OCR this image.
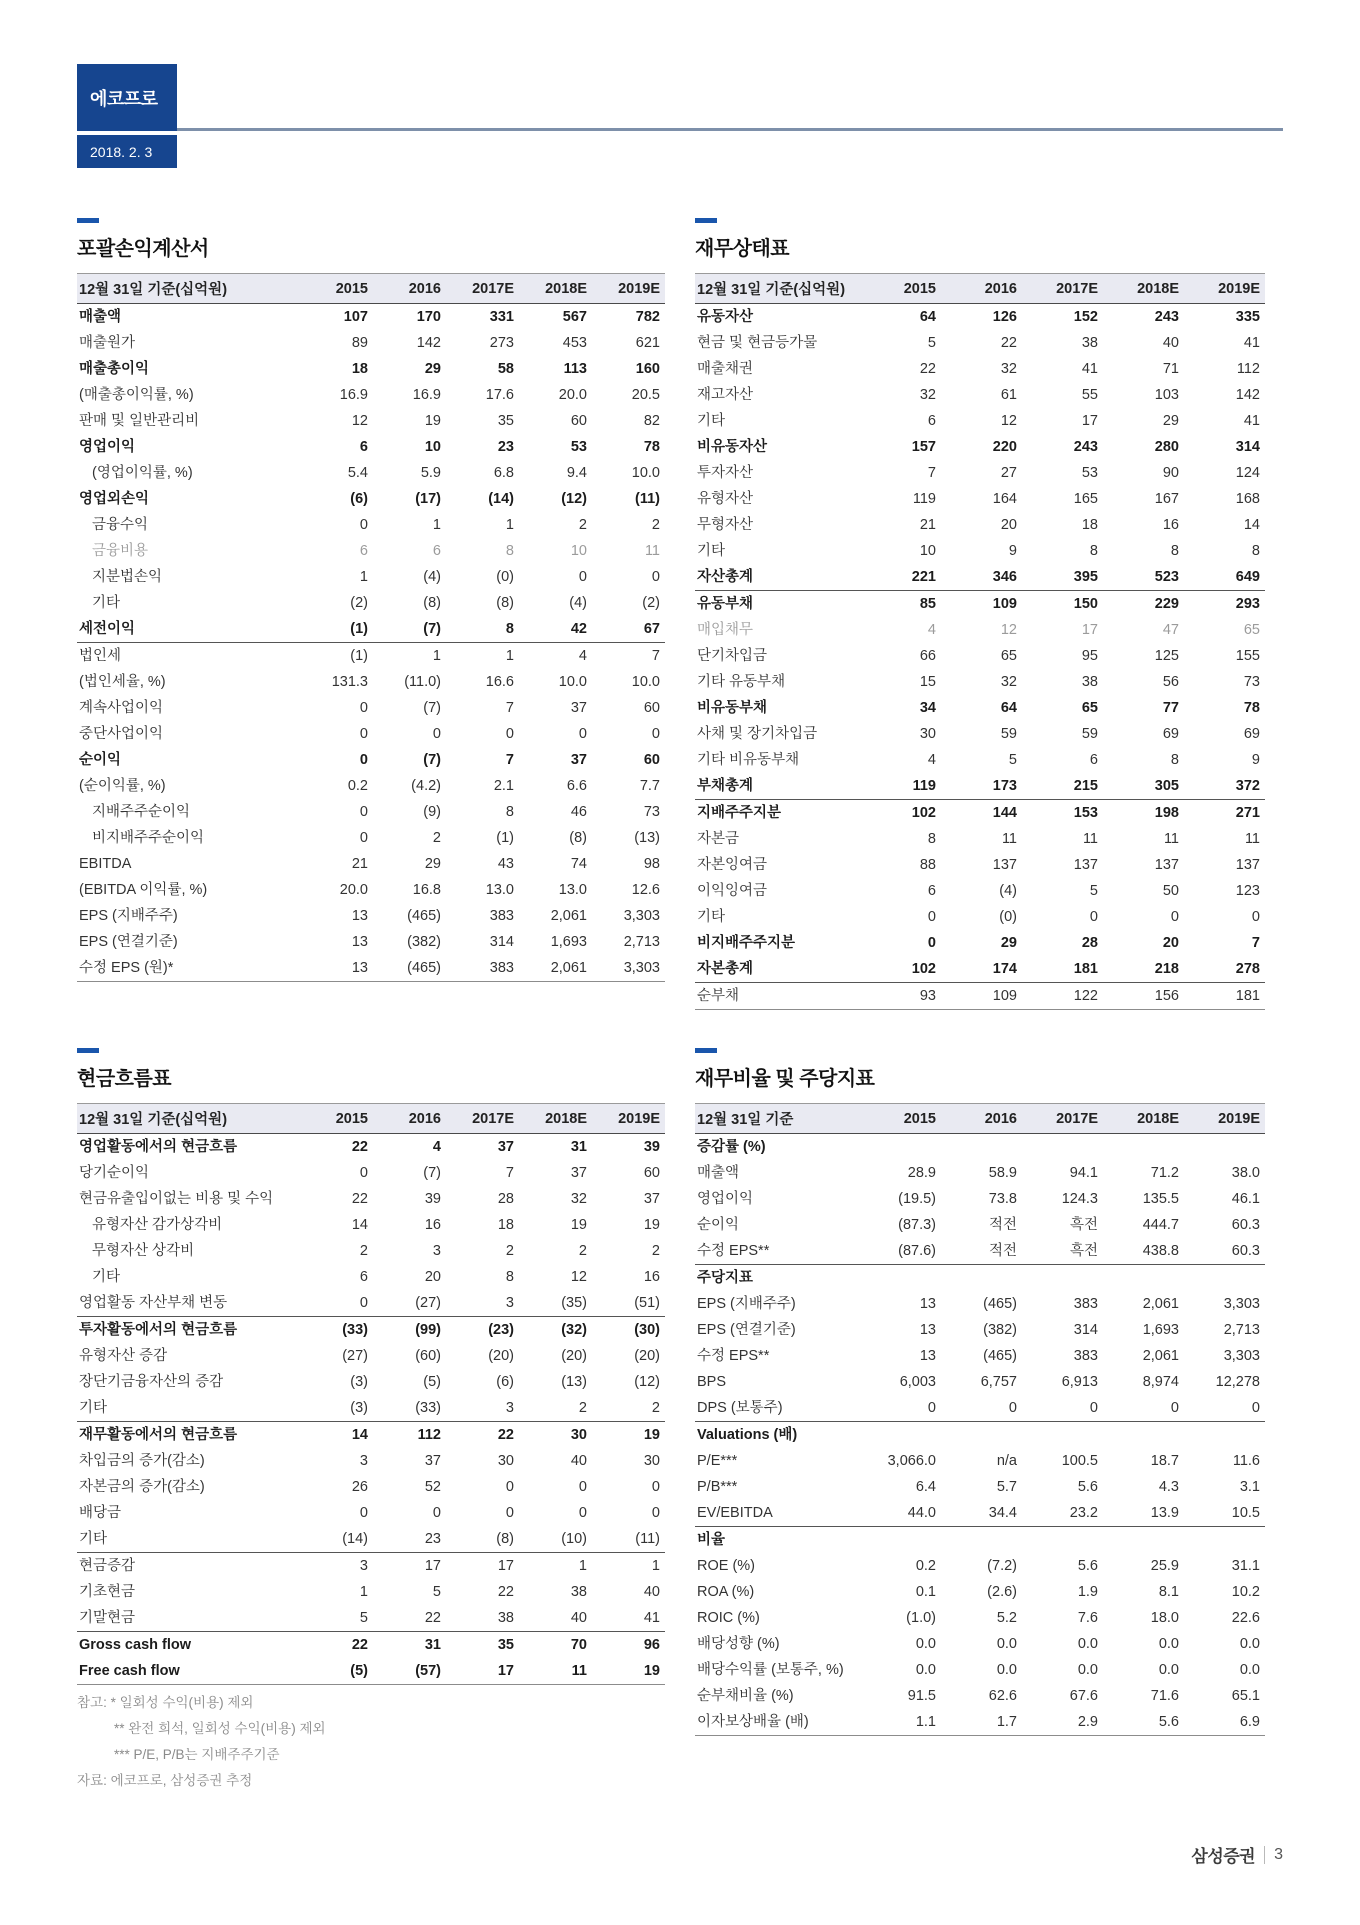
에코프로
2018. 2. 3
포괄손익계산서
12월 31일 기준(십억원)	2015	2016	2017E	2018E	2019E
매출액	107	170	331	567	782
매출원가	89	142	273	453	621
매출총이익	18	29	58	113	160
(매출총이익률, %)	16.9	16.9	17.6	20.0	20.5
판매 및 일반관리비	12	19	35	60	82
영업이익	6	10	23	53	78
(영업이익률, %)	5.4	5.9	6.8	9.4	10.0
영업외손익	(6)	(17)	(14)	(12)	(11)
금융수익	0	1	1	2	2
금융비용	6	6	8	10	11
지분법손익	1	(4)	(0)	0	0
기타	(2)	(8)	(8)	(4)	(2)
세전이익	(1)	(7)	8	42	67
법인세	(1)	1	1	4	7
(법인세율, %)	131.3	(11.0)	16.6	10.0	10.0
계속사업이익	0	(7)	7	37	60
중단사업이익	0	0	0	0	0
순이익	0	(7)	7	37	60
(순이익률, %)	0.2	(4.2)	2.1	6.6	7.7
지배주주순이익	0	(9)	8	46	73
비지배주주순이익	0	2	(1)	(8)	(13)
EBITDA	21	29	43	74	98
(EBITDA 이익률, %)	20.0	16.8	13.0	13.0	12.6
EPS (지배주주)	13	(465)	383	2,061	3,303
EPS (연결기준)	13	(382)	314	1,693	2,713
수정 EPS (원)*	13	(465)	383	2,061	3,303
재무상태표
12월 31일 기준(십억원)	2015	2016	2017E	2018E	2019E
유동자산	64	126	152	243	335
현금 및 현금등가물	5	22	38	40	41
매출채권	22	32	41	71	112
재고자산	32	61	55	103	142
기타	6	12	17	29	41
비유동자산	157	220	243	280	314
투자자산	7	27	53	90	124
유형자산	119	164	165	167	168
무형자산	21	20	18	16	14
기타	10	9	8	8	8
자산총계	221	346	395	523	649
유동부채	85	109	150	229	293
매입채무	4	12	17	47	65
단기차입금	66	65	95	125	155
기타 유동부채	15	32	38	56	73
비유동부채	34	64	65	77	78
사채 및 장기차입금	30	59	59	69	69
기타 비유동부채	4	5	6	8	9
부채총계	119	173	215	305	372
지배주주지분	102	144	153	198	271
자본금	8	11	11	11	11
자본잉여금	88	137	137	137	137
이익잉여금	6	(4)	5	50	123
기타	0	(0)	0	0	0
비지배주주지분	0	29	28	20	7
자본총계	102	174	181	218	278
순부채	93	109	122	156	181
현금흐름표
12월 31일 기준(십억원)	2015	2016	2017E	2018E	2019E
영업활동에서의 현금흐름	22	4	37	31	39
당기순이익	0	(7)	7	37	60
현금유출입이없는 비용 및 수익	22	39	28	32	37
유형자산 감가상각비	14	16	18	19	19
무형자산 상각비	2	3	2	2	2
기타	6	20	8	12	16
영업활동 자산부채 변동	0	(27)	3	(35)	(51)
투자활동에서의 현금흐름	(33)	(99)	(23)	(32)	(30)
유형자산 증감	(27)	(60)	(20)	(20)	(20)
장단기금융자산의 증감	(3)	(5)	(6)	(13)	(12)
기타	(3)	(33)	3	2	2
재무활동에서의 현금흐름	14	112	22	30	19
차입금의 증가(감소)	3	37	30	40	30
자본금의 증가(감소)	26	52	0	0	0
배당금	0	0	0	0	0
기타	(14)	23	(8)	(10)	(11)
현금증감	3	17	17	1	1
기초현금	1	5	22	38	40
기말현금	5	22	38	40	41
Gross cash flow	22	31	35	70	96
Free cash flow	(5)	(57)	17	11	19
재무비율 및 주당지표
12월 31일 기준	2015	2016	2017E	2018E	2019E
증감률 (%)					
매출액	28.9	58.9	94.1	71.2	38.0
영업이익	(19.5)	73.8	124.3	135.5	46.1
순이익	(87.3)	적전	흑전	444.7	60.3
수정 EPS**	(87.6)	적전	흑전	438.8	60.3
주당지표					
EPS (지배주주)	13	(465)	383	2,061	3,303
EPS (연결기준)	13	(382)	314	1,693	2,713
수정 EPS**	13	(465)	383	2,061	3,303
BPS	6,003	6,757	6,913	8,974	12,278
DPS (보통주)	0	0	0	0	0
Valuations (배)					
P/E***	3,066.0	n/a	100.5	18.7	11.6
P/B***	6.4	5.7	5.6	4.3	3.1
EV/EBITDA	44.0	34.4	23.2	13.9	10.5
비율					
ROE (%)	0.2	(7.2)	5.6	25.9	31.1
ROA (%)	0.1	(2.6)	1.9	8.1	10.2
ROIC (%)	(1.0)	5.2	7.6	18.0	22.6
배당성향 (%)	0.0	0.0	0.0	0.0	0.0
배당수익률 (보통주, %)	0.0	0.0	0.0	0.0	0.0
순부채비율 (%)	91.5	62.6	67.6	71.6	65.1
이자보상배율 (배)	1.1	1.7	2.9	5.6	6.9
참고: * 일회성 수익(비용) 제외
** 완전 희석, 일회성 수익(비용) 제외
*** P/E, P/B는 지배주주기준
자료: 에코프로, 삼성증권 추정
삼성증권 3
